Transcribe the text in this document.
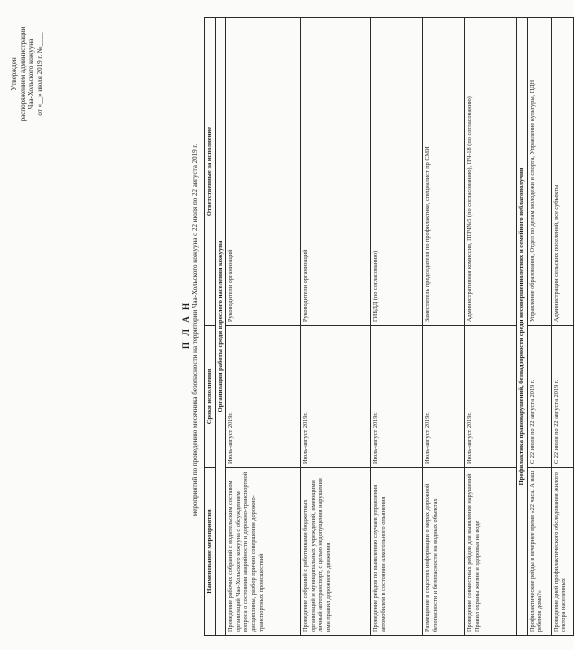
Утвержден распоряжением администрации Чаа-Хольского кожууна от «__» июля 2019 г. №____
П Л А Н мероприятий по проведению месячника безопасности на территории Чаа-Хольского кожууна с 22 июля по 22 августа 2019 г.
Наименование мероприятия	Сроки исполнения	Ответственные за исполнение
Организация работы среди взрослого населения кожууна		
Проведение рабочих собраний с водительским составом организаций Чаа-Хольского кожууна с обсуждением вопроса о состоянии аварийности и дорожно-транспортной дисциплины, разбор причин совершения дорожно-транспортных происшествий	Июль-август 2019г.	Руководители организаций
Проведение собраний с работниками бюджетных организаций и муниципальных учреждений, имеющими личный автотранспорт, с целью недопущения нарушения ими правил дорожного движения	Июль-август 2019г.	Руководители организаций
Проведение рейдов по выявлению случаев управления автомобилем в состоянии алкогольного опьянения	Июль-август 2019г.	ГИБДД (по согласованию)
Размещение в соцсетях информации о мерах дорожной безопасности и безопасности на водных объектах	Июль-август 2019г.	Заместитель председателя по профилактике, специалист пр СМИ
Проведение совместных рейдов для выявления нарушений Правил охраны жизни и здоровья на воде	Июль-август 2019г.	Административная комиссия, ППЧ№5 (по согласованию), ПЧ-18 (по согласованию)
Профилактика правонарушений, безнадзорности среди несовершеннолетних и семейного неблагополучия		
Профилактические рейды в вечернее время «22 часа. А ваш ребенок дома?»	С 22 июля по 22 августа 2019 г.	Управление образования, Отдел по делам молодежи и спорта, Управление культуры, ПДН
Проведение дней профилактического обследования жилого сектора населенных	С 22 июля по 22 августа 2019 г.	Администрации сельских поселений, все субъекты
